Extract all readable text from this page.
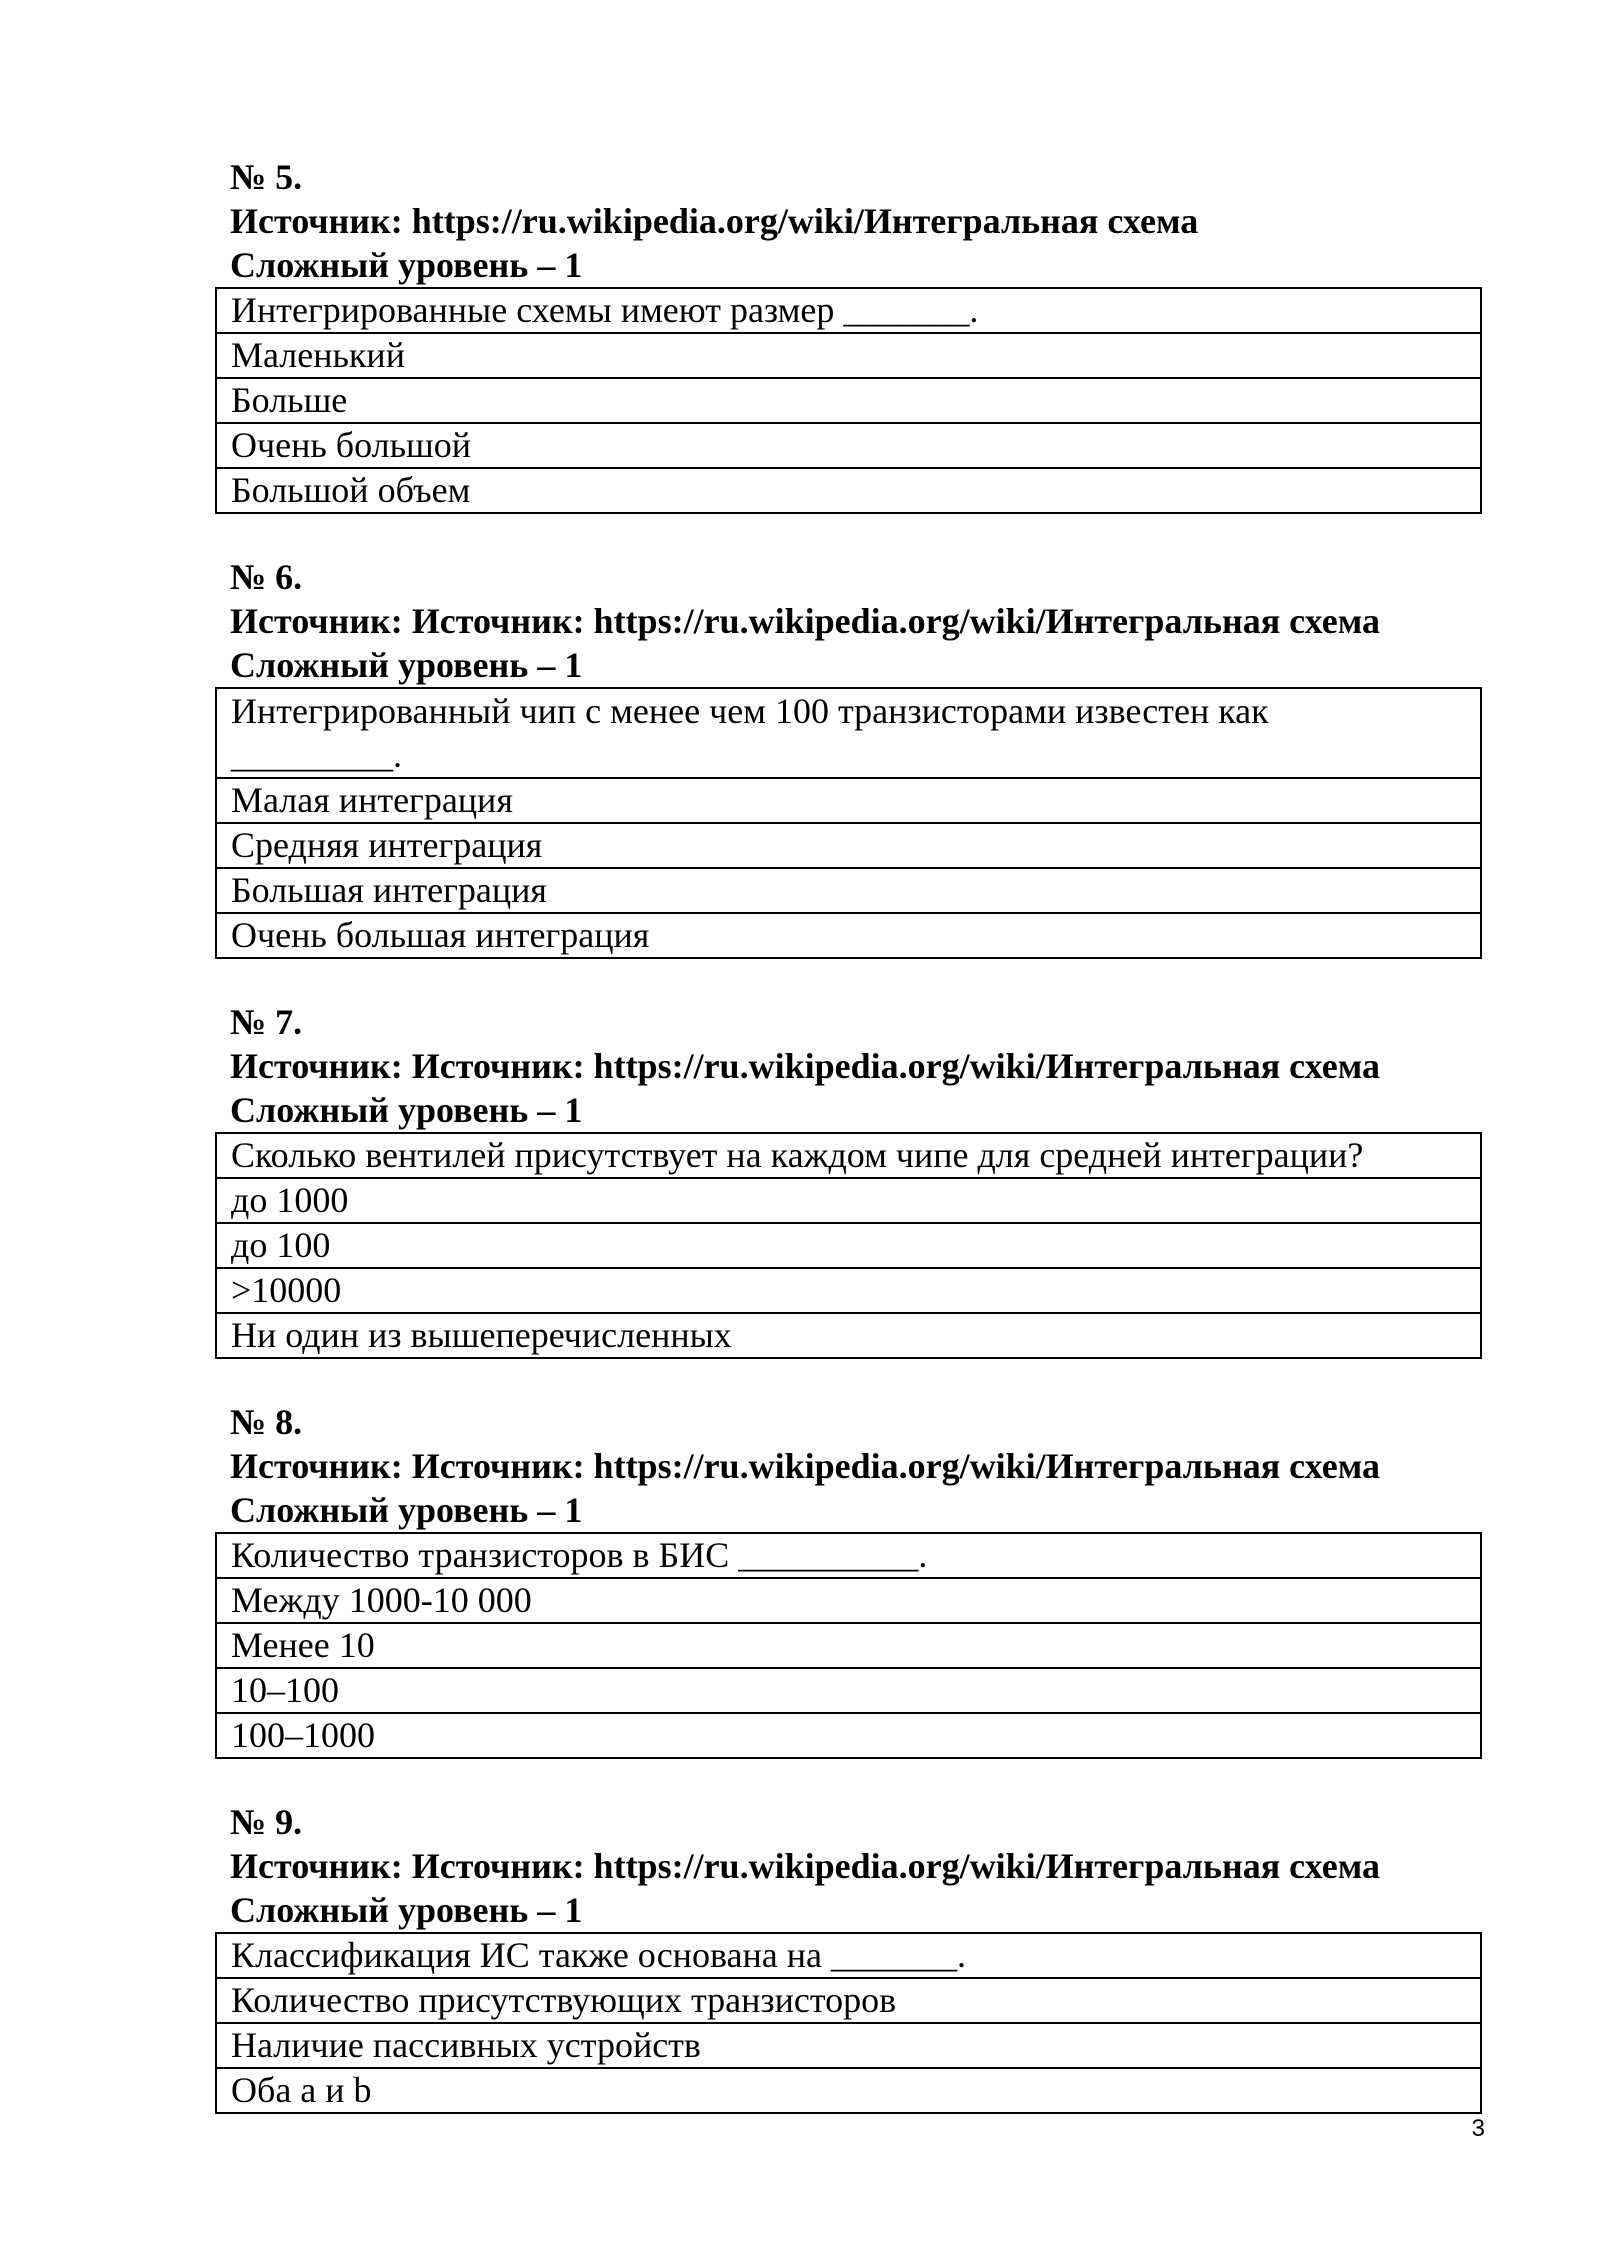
№ 5.
Источник: https://ru.wikipedia.org/wiki/Интегральная схема
Сложный уровень – 1
Интегрированные схемы имеют размер _______.
Маленький
Больше
Очень большой
Большой объем
№ 6.
Источник: Источник: https://ru.wikipedia.org/wiki/Интегральная схема
Сложный уровень – 1
Интегрированный чип с менее чем 100 транзисторами известен как _________.
Малая интеграция
Средняя интеграция
Большая интеграция
Очень большая интеграция
№ 7.
Источник: Источник: https://ru.wikipedia.org/wiki/Интегральная схема
Сложный уровень – 1
Сколько вентилей присутствует на каждом чипе для средней интеграции?
до 1000
до 100
>10000
Ни один из вышеперечисленных
№ 8.
Источник: Источник: https://ru.wikipedia.org/wiki/Интегральная схема
Сложный уровень – 1
Количество транзисторов в БИС __________.
Между 1000-10 000
Менее 10
10–100
100–1000
№ 9.
Источник: Источник: https://ru.wikipedia.org/wiki/Интегральная схема
Сложный уровень – 1
Классификация ИС также основана на _______.
Количество присутствующих транзисторов
Наличие пассивных устройств
Оба a и b
3
